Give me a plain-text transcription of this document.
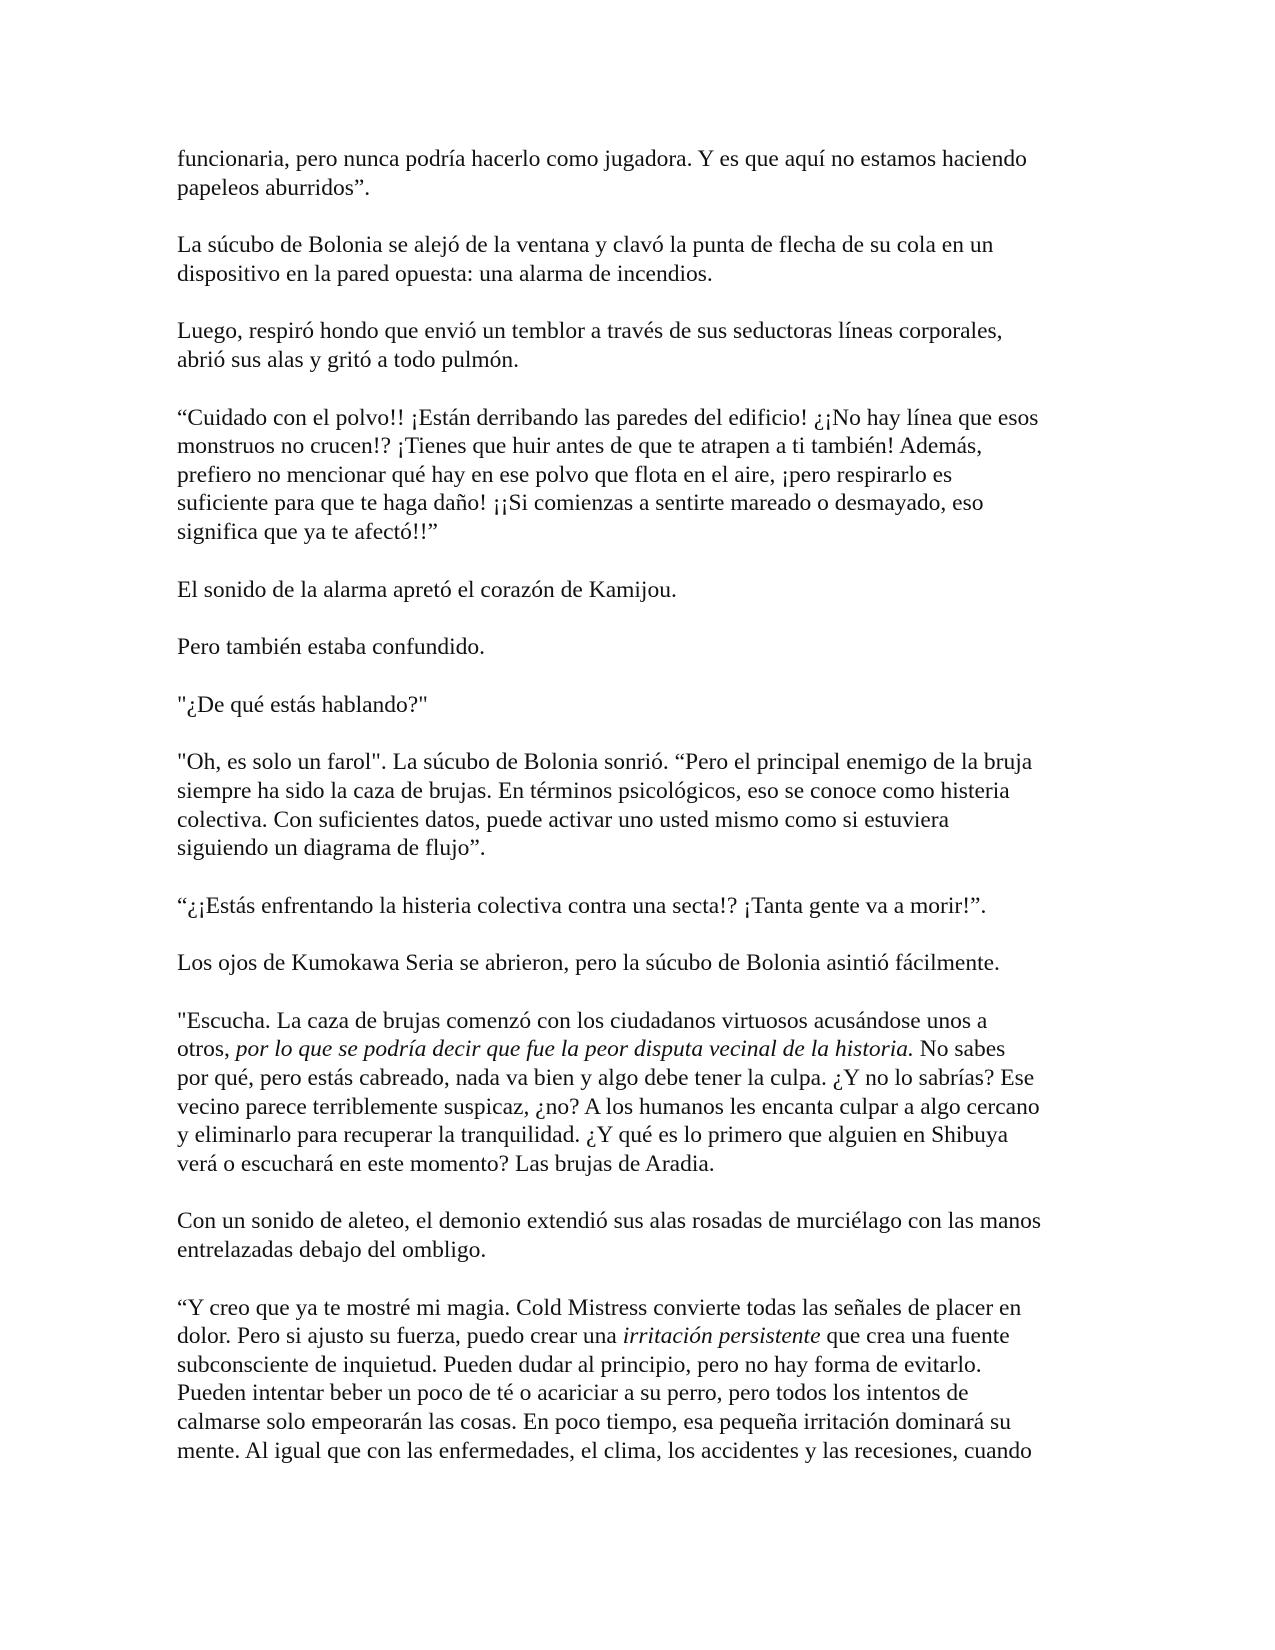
funcionaria, pero nunca podría hacerlo como jugadora. Y es que aquí no estamos haciendo
papeleos aburridos”.

La súcubo de Bolonia se alejó de la ventana y clavó la punta de flecha de su cola en un
dispositivo en la pared opuesta: una alarma de incendios.

Luego, respiró hondo que envió un temblor a través de sus seductoras líneas corporales,
abrió sus alas y gritó a todo pulmón.

“Cuidado con el polvo!! ¡Están derribando las paredes del edificio! ¿¡No hay línea que esos
monstruos no crucen!? ¡Tienes que huir antes de que te atrapen a ti también! Además,
prefiero no mencionar qué hay en ese polvo que flota en el aire, ¡pero respirarlo es
suficiente para que te haga daño! ¡¡Si comienzas a sentirte mareado o desmayado, eso
significa que ya te afectó!!”

El sonido de la alarma apretó el corazón de Kamijou.

Pero también estaba confundido.

"¿De qué estás hablando?"

"Oh, es solo un farol". La súcubo de Bolonia sonrió. “Pero el principal enemigo de la bruja
siempre ha sido la caza de brujas. En términos psicológicos, eso se conoce como histeria
colectiva. Con suficientes datos, puede activar uno usted mismo como si estuviera
siguiendo un diagrama de flujo”.

“¿¡Estás enfrentando la histeria colectiva contra una secta!? ¡Tanta gente va a morir!”.

Los ojos de Kumokawa Seria se abrieron, pero la súcubo de Bolonia asintió fácilmente.

"Escucha. La caza de brujas comenzó con los ciudadanos virtuosos acusándose unos a
otros, por lo que se podría decir que fue la peor disputa vecinal de la historia. No sabes
por qué, pero estás cabreado, nada va bien y algo debe tener la culpa. ¿Y no lo sabrías? Ese
vecino parece terriblemente suspicaz, ¿no? A los humanos les encanta culpar a algo cercano
y eliminarlo para recuperar la tranquilidad. ¿Y qué es lo primero que alguien en Shibuya
verá o escuchará en este momento? Las brujas de Aradia.

Con un sonido de aleteo, el demonio extendió sus alas rosadas de murciélago con las manos
entrelazadas debajo del ombligo.

“Y creo que ya te mostré mi magia. Cold Mistress convierte todas las señales de placer en
dolor. Pero si ajusto su fuerza, puedo crear una irritación persistente que crea una fuente
subconsciente de inquietud. Pueden dudar al principio, pero no hay forma de evitarlo.
Pueden intentar beber un poco de té o acariciar a su perro, pero todos los intentos de
calmarse solo empeorarán las cosas. En poco tiempo, esa pequeña irritación dominará su
mente. Al igual que con las enfermedades, el clima, los accidentes y las recesiones, cuando
